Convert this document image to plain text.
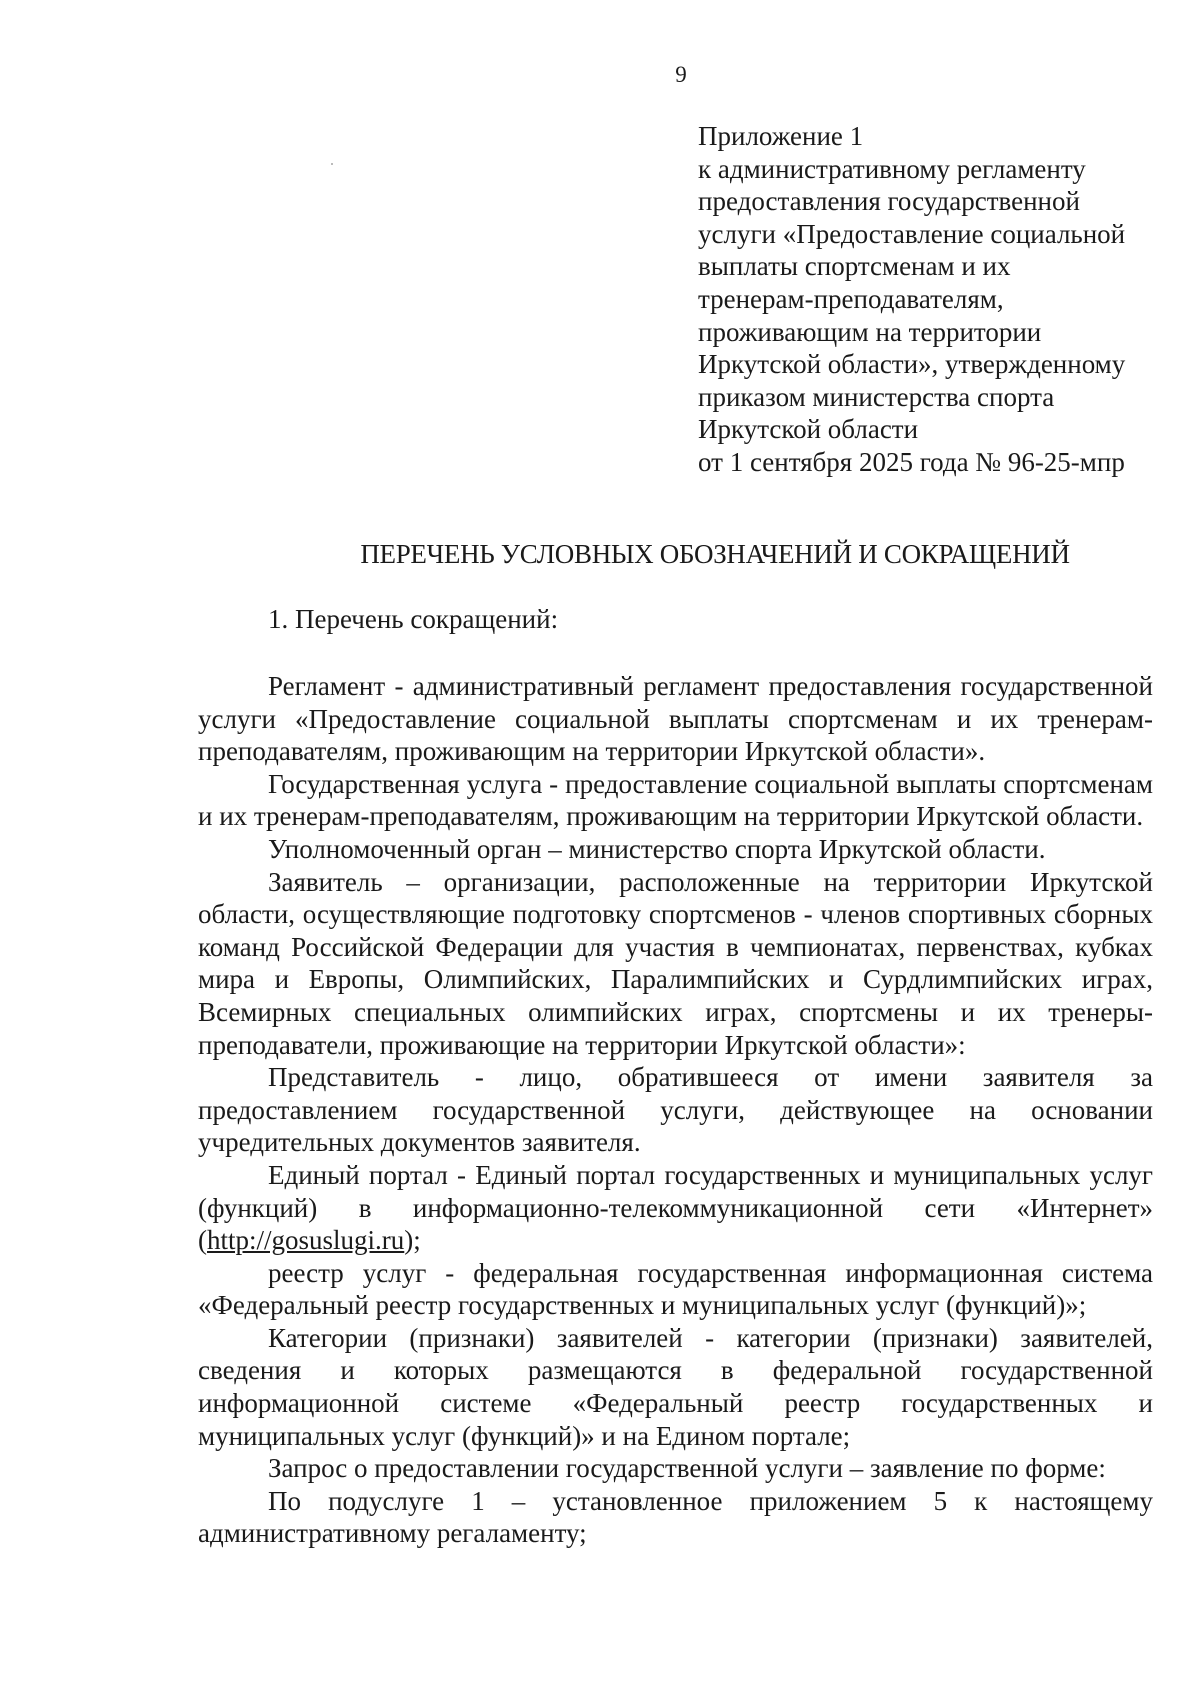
9
Приложение 1
к административному регламенту
предоставления государственной
услуги «Предоставление социальной
выплаты спортсменам и их
тренерам-преподавателям,
проживающим на территории
Иркутской области», утвержденному
приказом министерства спорта
Иркутской области
от 1 сентября 2025 года № 96-25-мпр
ПЕРЕЧЕНЬ УСЛОВНЫХ ОБОЗНАЧЕНИЙ И СОКРАЩЕНИЙ
1. Перечень сокращений:

Регламент - административный регламент предоставления государственной услуги «Предоставление социальной выплаты спортсменам и их тренерам-преподавателям, проживающим на территории Иркутской области».

Государственная услуга - предоставление социальной выплаты спортсменам и их тренерам-преподавателям, проживающим на территории Иркутской области.

Уполномоченный орган – министерство спорта Иркутской области.

Заявитель – организации, расположенные на территории Иркутской области, осуществляющие подготовку спортсменов - членов спортивных сборных команд Российской Федерации для участия в чемпионатах, первенствах, кубках мира и Европы, Олимпийских, Паралимпийских и Сурдлимпийских играх, Всемирных специальных олимпийских играх, спортсмены и их тренеры-преподаватели, проживающие на территории Иркутской области»:

Представитель - лицо, обратившееся от имени заявителя за предоставлением государственной услуги, действующее на основании учредительных документов заявителя.

Единый портал - Единый портал государственных и муниципальных услуг (функций) в информационно-телекоммуникационной сети «Интернет» (http://gosuslugi.ru);

реестр услуг - федеральная государственная информационная система «Федеральный реестр государственных и муниципальных услуг (функций)»;

Категории (признаки) заявителей - категории (признаки) заявителей, сведения и которых размещаются в федеральной государственной информационной системе «Федеральный реестр государственных и муниципальных услуг (функций)» и на Едином портале;

Запрос о предоставлении государственной услуги – заявление по форме:

По подуслуге 1 – установленное приложением 5 к настоящему административному регаламенту;
